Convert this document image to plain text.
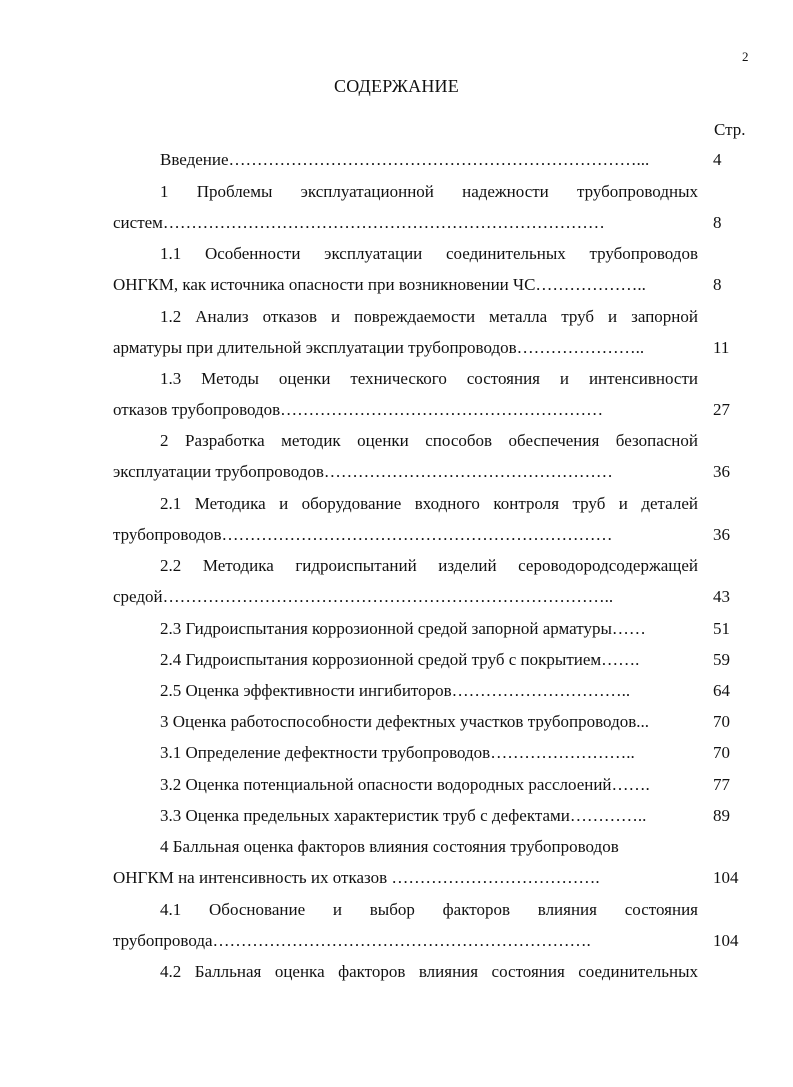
2
СОДЕРЖАНИЕ
Стр.
Введение………………………………………………………………...	4
1 Проблемы эксплуатационной надежности трубопроводных
систем……………………………………………………………………	8
1.1 Особенности эксплуатации соединительных трубопроводов
ОНГКМ, как источника опасности при возникновении ЧС………………..	8
1.2 Анализ отказов и повреждаемости металла труб и запорной
арматуры при длительной эксплуатации трубопроводов…………………..	11
1.3 Методы оценки технического состояния и интенсивности
отказов трубопроводов…………………………………………………	27
2 Разработка методик оценки способов обеспечения безопасной
эксплуатации трубопроводов……………………………………………	36
2.1 Методика и оборудование входного контроля труб и деталей
трубопроводов……………………………………………………………	36
2.2 Методика гидроиспытаний изделий сероводородсодержащей
средой……………………………………………………………………..	43
2.3 Гидроиспытания коррозионной средой запорной арматуры……	51
2.4 Гидроиспытания коррозионной средой труб с покрытием…….	59
2.5 Оценка эффективности ингибиторов…………………………..	64
3 Оценка работоспособности дефектных участков трубопроводов...	70
3.1 Определение дефектности трубопроводов……………………..	70
3.2 Оценка потенциальной опасности водородных расслоений…….	77
3.3 Оценка предельных характеристик труб с дефектами…………..	89
4 Балльная оценка факторов влияния состояния трубопроводов
ОНГКМ на интенсивность их отказов ……………………………….	104
4.1 Обоснование и выбор факторов влияния состояния
трубопровода………………………………………………………….	104
4.2 Балльная оценка факторов влияния состояния соединительных
